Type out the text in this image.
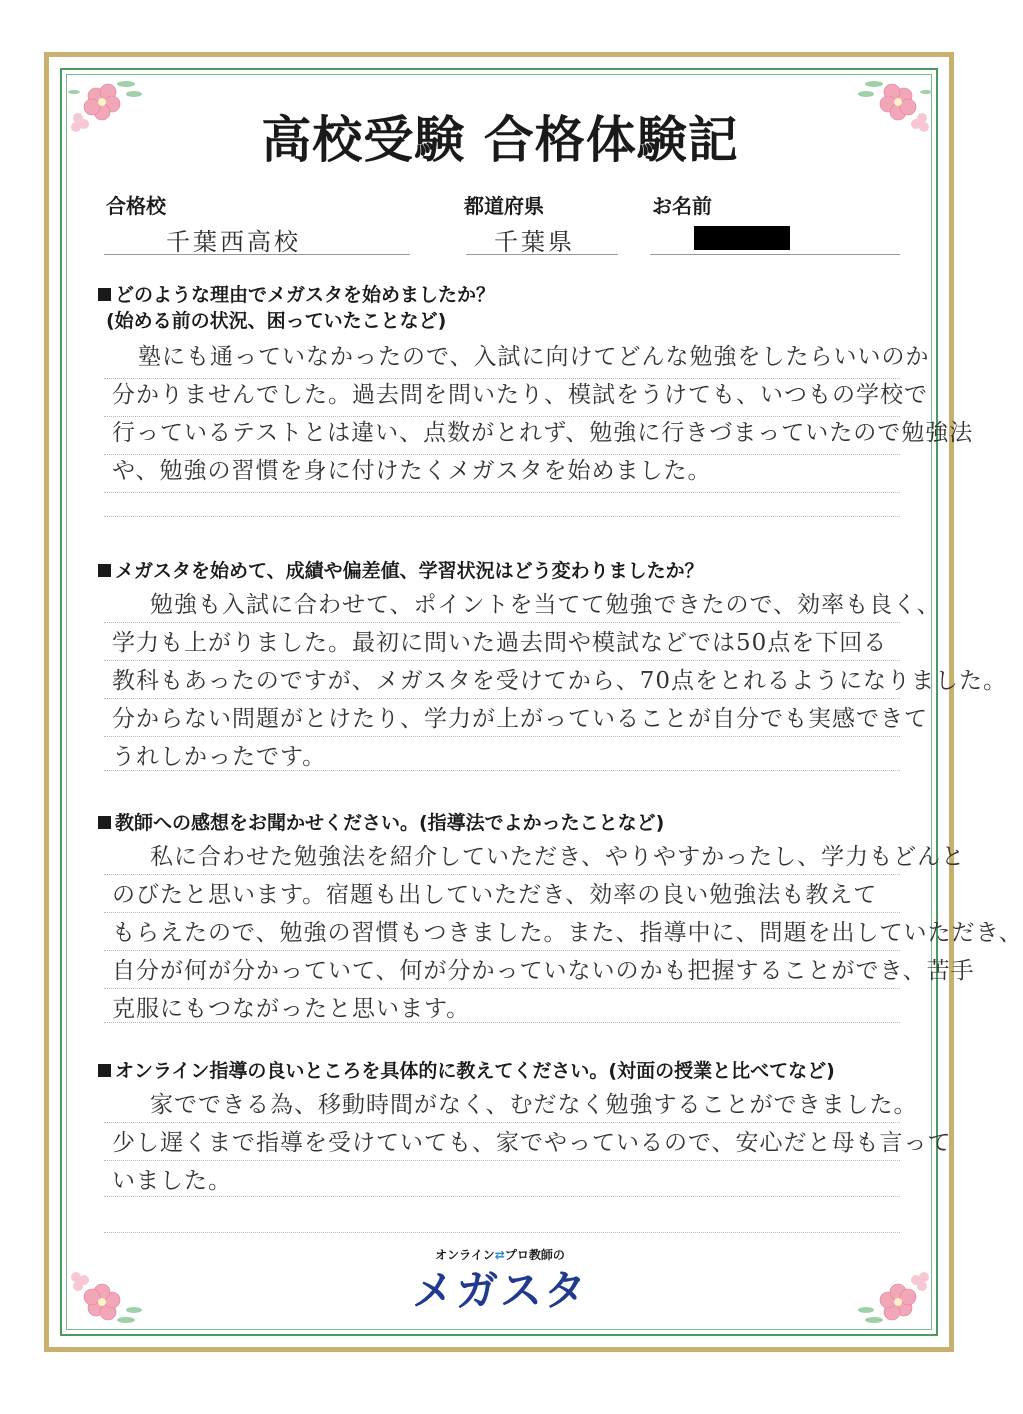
高校受験 合格体験記
合格校
千葉西高校
都道府県
千葉県
お名前
どのような理由でメガスタを始めましたか？
(始める前の状況、困っていたことなど)
塾にも通っていなかったので、入試に向けてどんな勉強をしたらいいのか
分かりませんでした。過去問を問いたり、模試をうけても、いつもの学校で
行っているテストとは違い、点数がとれず、勉強に行きづまっていたので勉強法
や、勉強の習慣を身に付けたくメガスタを始めました。
メガスタを始めて、成績や偏差値、学習状況はどう変わりましたか？
勉強も入試に合わせて、ポイントを当てて勉強できたので、効率も良く、
学力も上がりました。最初に問いた過去問や模試などでは50点を下回る
教科もあったのですが、メガスタを受けてから、70点をとれるようになりました。
分からない問題がとけたり、学力が上がっていることが自分でも実感できて
うれしかったです。
教師への感想をお聞かせください。(指導法でよかったことなど)
私に合わせた勉強法を紹介していただき、やりやすかったし、学力もどんと
のびたと思います。宿題も出していただき、効率の良い勉強法も教えて
もらえたので、勉強の習慣もつきました。また、指導中に、問題を出していただき、
自分が何が分かっていて、何が分かっていないのかも把握することができ、苦手
克服にもつながったと思います。
オンライン指導の良いところを具体的に教えてください。(対面の授業と比べてなど)
家でできる為、移動時間がなく、むだなく勉強することができました。
少し遅くまで指導を受けていても、家でやっているので、安心だと母も言って
いました。
オンライン⇄プロ教師の
メガスタ
